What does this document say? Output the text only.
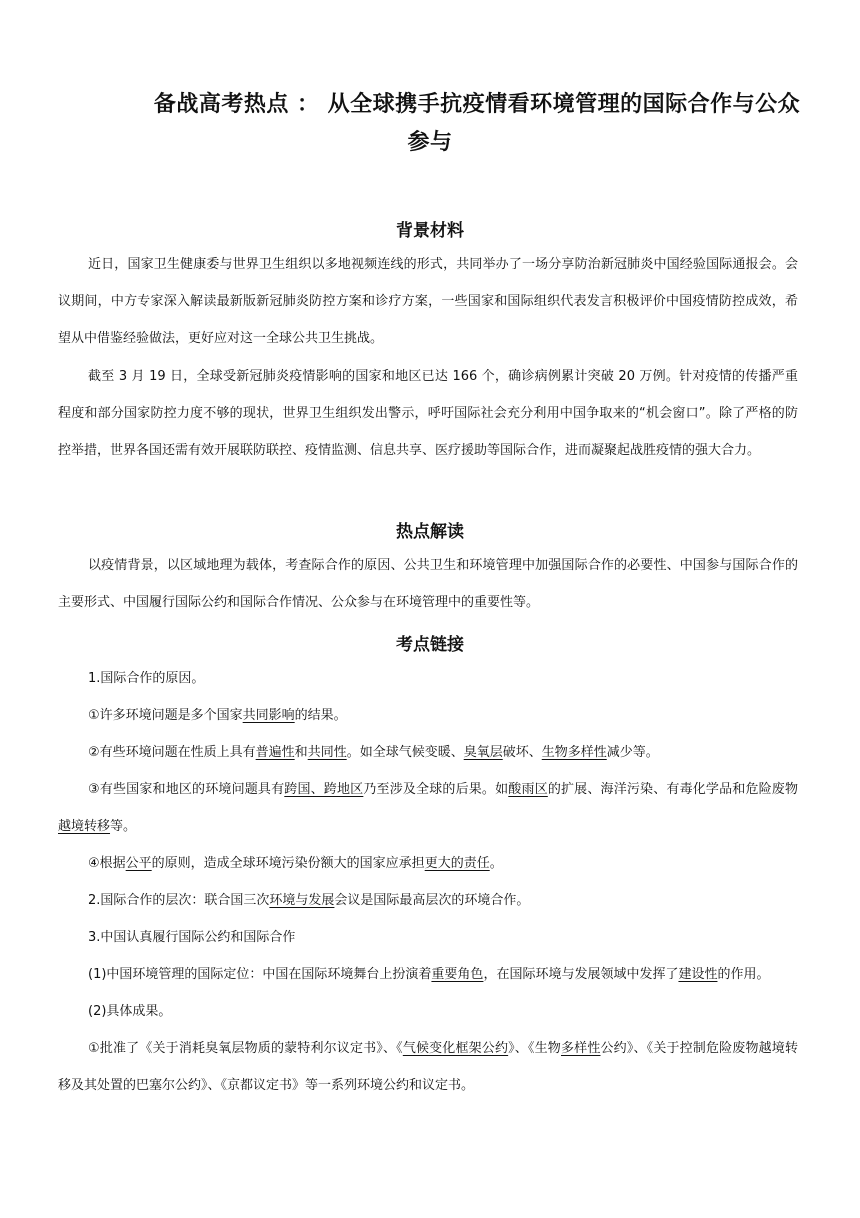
备战高考热点 ： 从全球携手抗疫情看环境管理的国际合作与公众
参与
背景材料

近日，国家卫生健康委与世界卫生组织以多地视频连线的形式，共同举办了一场分享防治新冠肺炎中国经验国际通报会。会议期间，中方专家深入解读最新版新冠肺炎防控方案和诊疗方案，一些国家和国际组织代表发言积极评价中国疫情防控成效，希望从中借鉴经验做法，更好应对这一全球公共卫生挑战。

截至 3 月 19 日，全球受新冠肺炎疫情影响的国家和地区已达 166 个，确诊病例累计突破 20 万例。针对疫情的传播严重程度和部分国家防控力度不够的现状，世界卫生组织发出警示，呼吁国际社会充分利用中国争取来的“机会窗口”。除了严格的防控举措，世界各国还需有效开展联防联控、疫情监测、信息共享、医疗援助等国际合作，进而凝聚起战胜疫情的强大合力。

热点解读

以疫情背景，以区域地理为载体，考查际合作的原因、公共卫生和环境管理中加强国际合作的必要性、中国参与国际合作的主要形式、中国履行国际公约和国际合作情况、公众参与在环境管理中的重要性等。

考点链接

1.国际合作的原因。

①许多环境问题是多个国家共同影响的结果。

②有些环境问题在性质上具有普遍性和共同性。如全球气候变暖、臭氧层破坏、生物多样性减少等。

③有些国家和地区的环境问题具有跨国、跨地区乃至涉及全球的后果。如酸雨区的扩展、海洋污染、有毒化学品和危险废物越境转移等。

④根据公平的原则，造成全球环境污染份额大的国家应承担更大的责任。

2.国际合作的层次：联合国三次环境与发展会议是国际最高层次的环境合作。

3.中国认真履行国际公约和国际合作

(1)中国环境管理的国际定位：中国在国际环境舞台上扮演着重要角色，在国际环境与发展领域中发挥了建设性的作用。

(2)具体成果。

①批准了《关于消耗臭氧层物质的蒙特利尔议定书》、《气候变化框架公约》、《生物多样性公约》、《关于控制危险废物越境转移及其处置的巴塞尔公约》、《京都议定书》等一系列环境公约和议定书。
